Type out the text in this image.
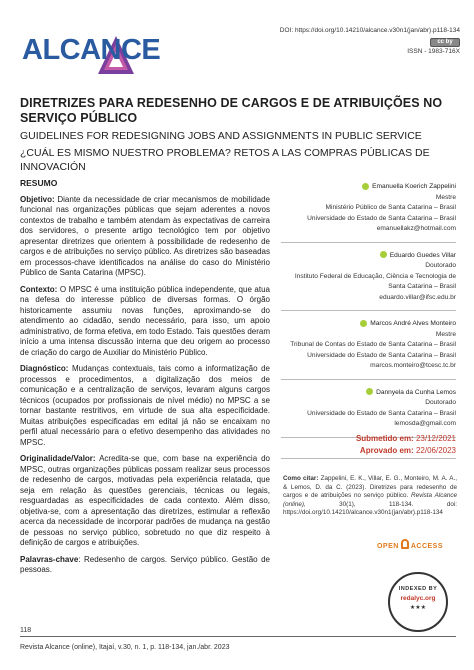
ALCANCE
DOI: https://doi.org/10.14210/alcance.v30n1(jan/abr).p118-134
cc by
ISSN - 1983-716X
DIRETRIZES PARA REDESENHO DE CARGOS E DE ATRIBUIÇÕES NO SERVIÇO PÚBLICO
GUIDELINES FOR REDESIGNING JOBS AND ASSIGNMENTS IN PUBLIC SERVICE
¿CUÁL ES MISMO NUESTRO PROBLEMA? RETOS A LAS COMPRAS PÚBLICAS DE INNOVACIÓN
RESUMO
Objetivo: Diante da necessidade de criar mecanismos de mobilidade funcional nas organizações públicas que sejam aderentes a novos contextos de trabalho e também atendam às expectativas de carreira dos servidores, o presente artigo tecnológico tem por objetivo apresentar diretrizes que orientem à possibilidade de redesenho de cargos e de atribuições no serviço público. As diretrizes são baseadas em processos-chave identificados na análise do caso do Ministério Público de Santa Catarina (MPSC).
Contexto: O MPSC é uma instituição pública independente, que atua na defesa do interesse público de diversas formas. O órgão historicamente assumiu novas funções, aproximando-se do atendimento ao cidadão, sendo necessário, para isso, um apoio administrativo, de forma efetiva, em todo Estado. Tais questões deram início a uma intensa discussão interna que deu origem ao processo de criação do cargo de Auxiliar do Ministério Público.
Diagnóstico: Mudanças contextuais, tais como a informatização de processos e procedimentos, a digitalização dos meios de comunicação e a centralização de serviços, levaram alguns cargos técnicos (ocupados por profissionais de nível médio) no MPSC a se tornar bastante restritivos, em virtude de sua alta especificidade. Muitas atribuições especificadas em edital já não se encaixam no perfil atual necessário para o efetivo desempenho das atividades no MPSC.
Originalidade/Valor: Acredita-se que, com base na experiência do MPSC, outras organizações públicas possam realizar seus processos de redesenho de cargos, motivadas pela experiência relatada, que seja em relação às questões gerenciais, técnicas ou legais, resguardadas as especificidades de cada contexto. Além disso, objetiva-se, com a apresentação das diretrizes, estimular a reflexão acerca da necessidade de incorporar padrões de mudança na gestão de pessoas no serviço público, sobretudo no que diz respeito à definição de cargos e atribuições.
Palavras-chave: Redesenho de cargos. Serviço público. Gestão de pessoas.
Emanuella Koerich Zappelini
Mestre
Ministério Público de Santa Catarina – Brasil
Universidade do Estado de Santa Catarina – Brasil
emanuellakz@hotmail.com
Eduardo Guedes Villar
Doutorado
Instituto Federal de Educação, Ciência e Tecnologia de Santa Catarina – Brasil
eduardo.villar@ifsc.edu.br
Marcos André Alves Monteiro
Mestre
Tribunal de Contas do Estado de Santa Catarina – Brasil
Universidade do Estado de Santa Catarina – Brasil
marcos.monteiro@tcesc.tc.br
Dannyela da Cunha Lemos
Doutorado
Universidade do Estado de Santa Catarina – Brasil
lemosda@gmail.com
Submetido em: 23/12/2021
Aprovado em: 22/06/2023
Como citar: Zappelini, E. K., Villar, E. G., Monteiro, M. A. A., & Lemos, D. da C. (2023). Diretrizes para redesenho de cargos e de atribuições no serviço público. Revista Alcance (online),	30(1), 118-134. doi: https://doi.org/10.14210/alcance.v30n1(jan/abr).p118-134
OPEN ACCESS
INDEXED BY
redalyc.org
★★★
118
Revista Alcance (online), Itajaí, v.30, n. 1, p. 118-134, jan./abr. 2023
